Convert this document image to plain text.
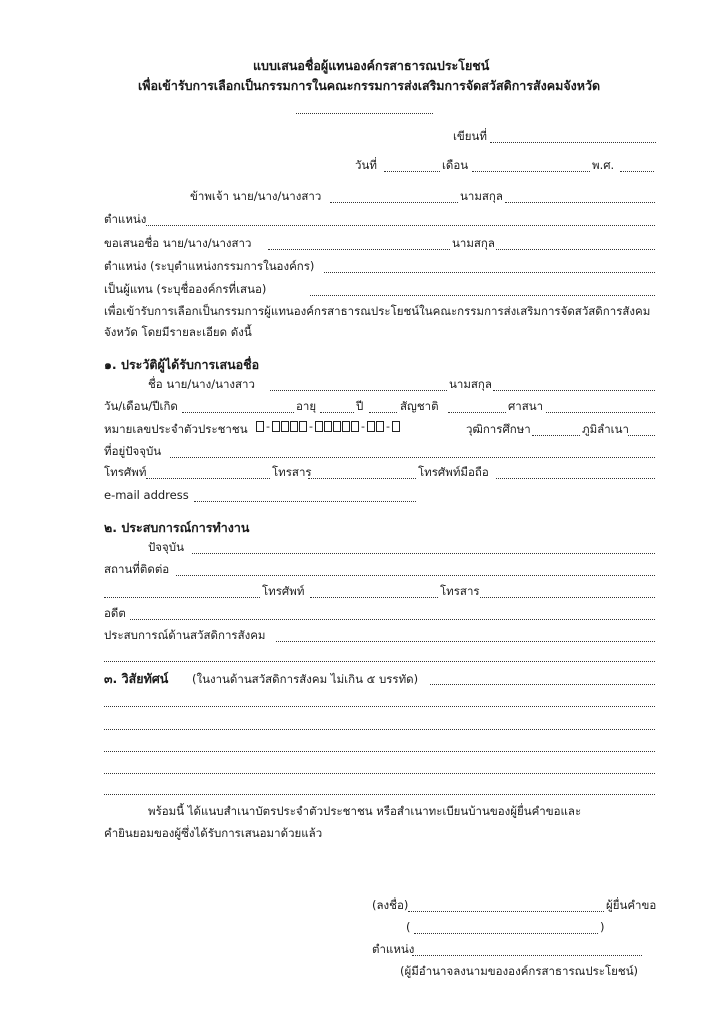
แบบเสนอชื่อผู้แทนองค์กรสาธารณประโยชน์
เพื่อเข้ารับการเลือกเป็นกรรมการในคณะกรรมการส่งเสริมการจัดสวัสดิการสังคมจังหวัด
เขียนที่
วันที่	เดือน	พ.ศ.
ข้าพเจ้า นาย/นาง/นางสาว	นามสกุล
ตำแหน่ง
ขอเสนอชื่อ นาย/นาง/นางสาว	นามสกุล
ตำแหน่ง (ระบุตำแหน่งกรรมการในองค์กร)
เป็นผู้แทน (ระบุชื่อองค์กรที่เสนอ)
เพื่อเข้ารับการเลือกเป็นกรรมการผู้แทนองค์กรสาธารณประโยชน์ในคณะกรรมการส่งเสริมการจัดสวัสดิการสังคม
จังหวัด โดยมีรายละเอียด ดังนี้
๑. ประวัติผู้ได้รับการเสนอชื่อ
ชื่อ นาย/นาง/นางสาว	นามสกุล
วัน/เดือน/ปีเกิด	อายุ	ปี	สัญชาติ	ศาสนา
หมายเลขประจำตัวประชาชน -	-	- -	วุฒิการศึกษา	ภูมิลำเนา
ที่อยู่ปัจจุบัน
โทรศัพท์	โทรสาร	โทรศัพท์มือถือ
e-mail address
๒. ประสบการณ์การทำงาน
ปัจจุบัน
สถานที่ติดต่อ
โทรศัพท์	โทรสาร
อดีต
ประสบการณ์ด้านสวัสดิการสังคม
๓. วิสัยทัศน์ (ในงานด้านสวัสดิการสังคม ไม่เกิน ๕ บรรทัด)
พร้อมนี้ ได้แนบสำเนาบัตรประจำตัวประชาชน หรือสำเนาทะเบียนบ้านของผู้ยื่นคำขอและ
คำยินยอมของผู้ซึ่งได้รับการเสนอมาด้วยแล้ว
(ลงชื่อ)	ผู้ยื่นคำขอ
(	)
ตำแหน่ง
(ผู้มีอำนาจลงนามขององค์กรสาธารณประโยชน์)
